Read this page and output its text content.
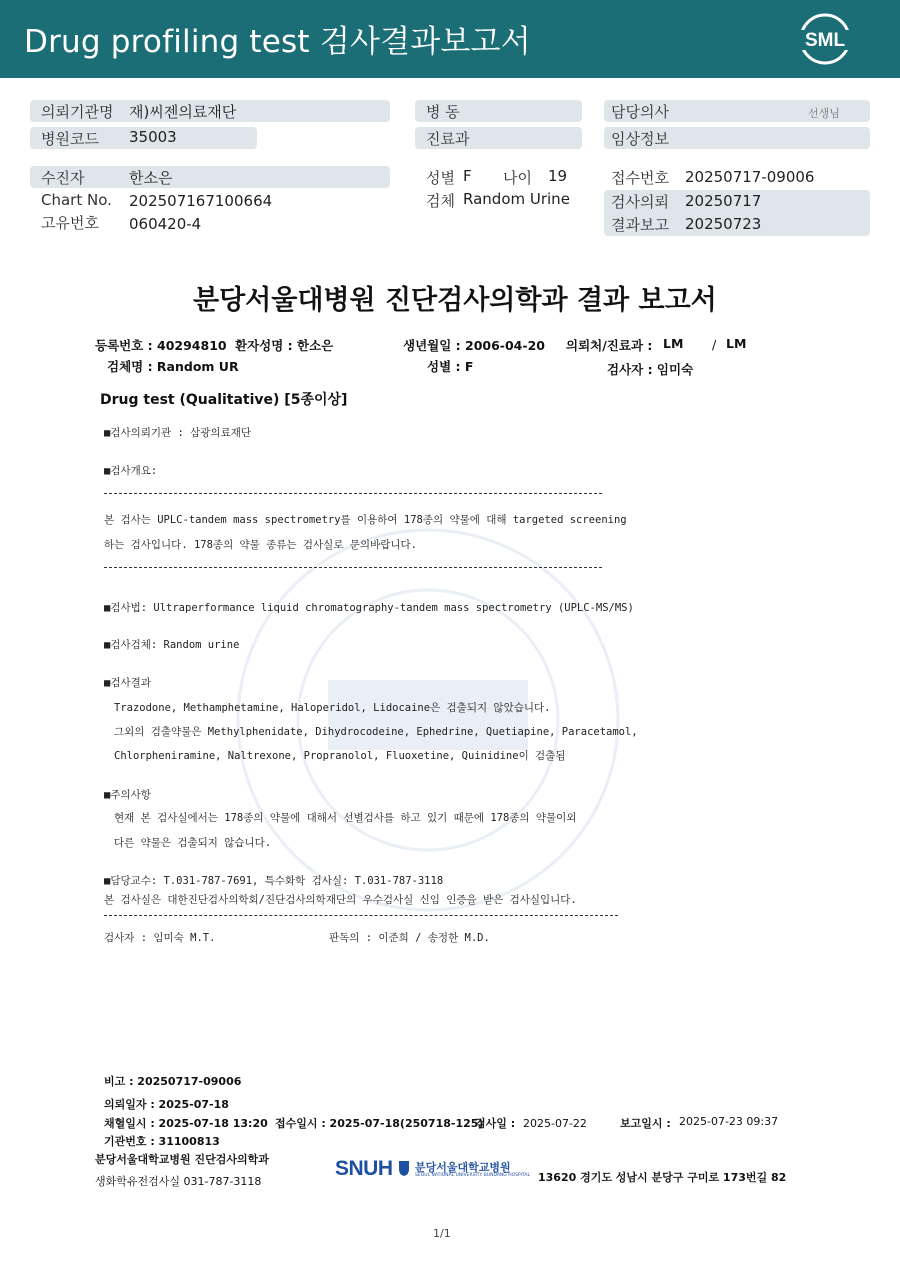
Drug profiling test 검사결과보고서	SML
의뢰기관명 재)씨젠의료재단
병원코드 35003
수진자	한소은
Chart No. 202507167100664
고유번호 060420-4
병 동
진료과
성별 F 나이 19
검체 Random Urine
담당의사	선생님
임상정보
접수번호 20250717-09006
검사의뢰 20250717
결과보고 20250723
분당서울대병원 진단검사의학과 결과 보고서
등록번호 : 40294810 환자성명 : 한소은	생년월일 : 2006-04-20 의뢰처/진료과 : LM / LM
검체명 : Random UR	성별 : F	검사자 : 임미숙
Drug test (Qualitative) [5종이상]
■검사의뢰기관 : 삼광의료재단
■검사개요:
본 검사는 UPLC-tandem mass spectrometry를 이용하여 178종의 약물에 대해 targeted screening
하는 검사입니다. 178종의 약물 종류는 검사실로 문의바랍니다.
■검사법: Ultraperformance liquid chromatography-tandem mass spectrometry (UPLC-MS/MS)
■검사검체: Random urine
■검사결과
Trazodone, Methamphetamine, Haloperidol, Lidocaine은 검출되지 않았습니다.
그외의 검출약물은 Methylphenidate, Dihydrocodeine, Ephedrine, Quetiapine, Paracetamol,
Chlorpheniramine, Naltrexone, Propranolol, Fluoxetine, Quinidine이 검출됨
■주의사항
현재 본 검사실에서는 178종의 약물에 대해서 선별검사를 하고 있기 때문에 178종의 약물이외
다른 약물은 검출되지 않습니다.
■담당교수: T.031-787-7691, 특수화학 검사실: T.031-787-3118
본 검사실은 대한진단검사의학회/진단검사의학재단의 우수검사실 신임 인증을 받은 검사실입니다.
검사자 : 임미숙 M.T.	판독의 : 이준희 / 송정한 M.D.
비고 : 20250717-09006
의뢰일자 : 2025-07-18
채혈일시 : 2025-07-18 13:20 접수일시 : 2025-07-18(250718-125)
검사일 : 2025-07-22	보고일시 : 2025-07-23 09:37
기관번호 : 31100813
분당서울대학교병원 진단검사의학과
생화학유전검사실 031-787-3118
SNUH 분당서울대학교병원
SEOUL NATIONAL UNIVERSITY BUNDANG HOSPITAL 13620 경기도 성남시 분당구 구미로 173번길 82
1/1
